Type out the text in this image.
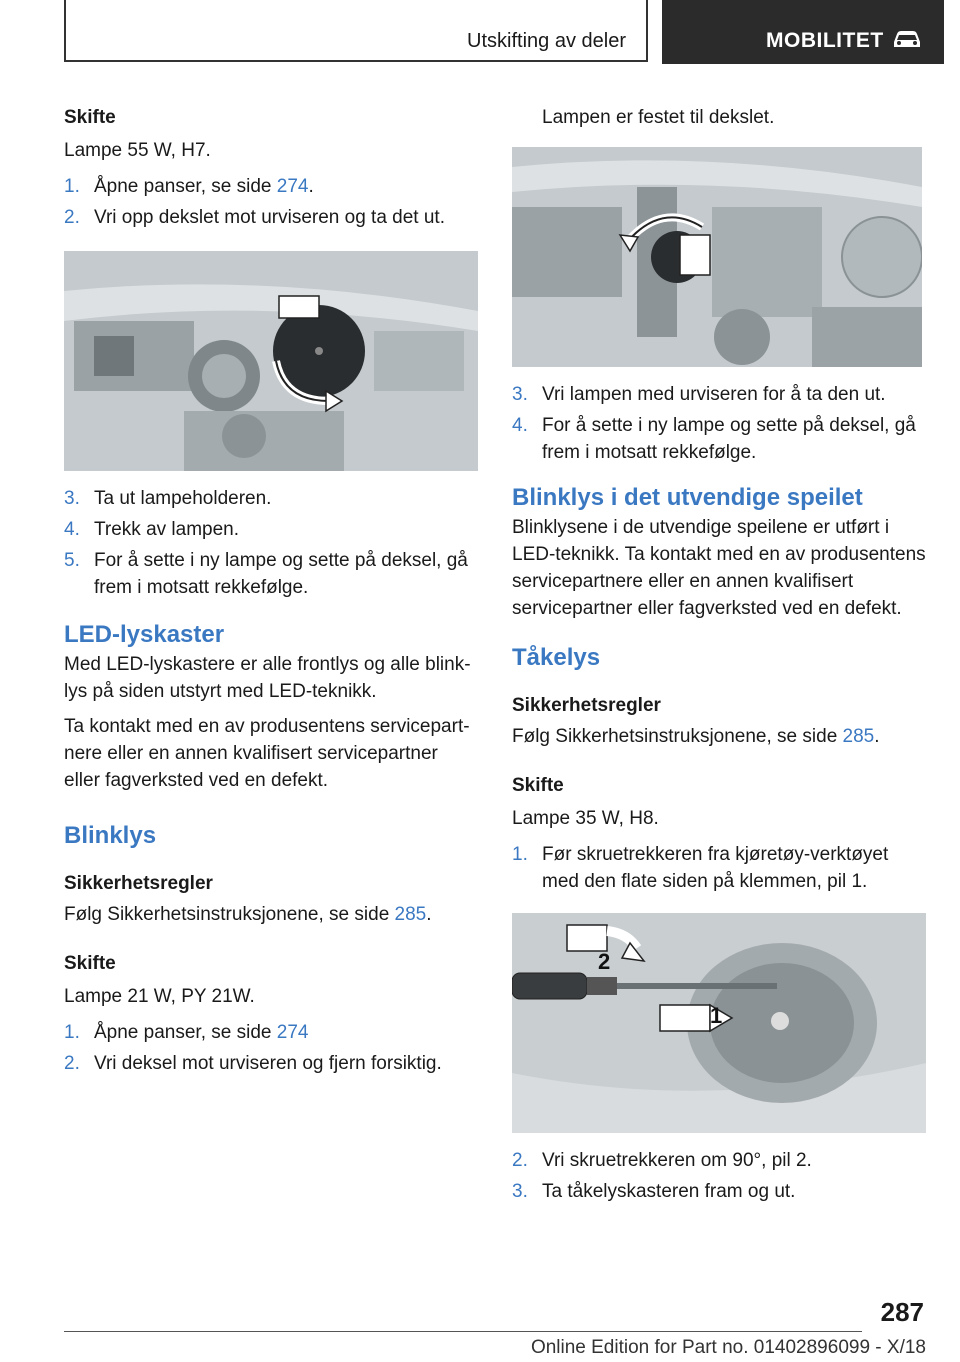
Utskifting av deler	MOBILITET

Skifte

Lampe 55 W, H7.

1. Åpne panser, se side 274.
2. Vri opp dekslet mot urviseren og ta det ut.
3. Ta ut lampeholderen.
4. Trekk av lampen.
5. For å sette i ny lampe og sette på deksel, gå frem i motsatt rekkefølge.

LED-lyskaster

Med LED-lyskastere er alle frontlys og alle blinklys på siden utstyrt med LED-teknikk.

Ta kontakt med en av produsentens servicepartnere eller en annen kvalifisert servicepartner eller fagverksted ved en defekt.

Blinklys

Sikkerhetsregler

Følg Sikkerhetsinstruksjonene, se side 285.

Skifte

Lampe 21 W, PY 21W.

1. Åpne panser, se side 274
2. Vri deksel mot urviseren og fjern forsiktig.

Lampen er festet til dekslet.

3. Vri lampen med urviseren for å ta den ut.
4. For å sette i ny lampe og sette på deksel, gå frem i motsatt rekkefølge.

Blinklys i det utvendige speilet

Blinklysene i de utvendige speilene er utført i LED-teknikk. Ta kontakt med en av produsentens servicepartnere eller en annen kvalifisert servicepartner eller fagverksted ved en defekt.

Tåkelys

Sikkerhetsregler

Følg Sikkerhetsinstruksjonene, se side 285.

Skifte

Lampe 35 W, H8.

1. Før skruetrekkeren fra kjøretøy-verktøyet med den flate siden på klemmen, pil 1.
2
1
2. Vri skruetrekkeren om 90°, pil 2.
3. Ta tåkelyskasteren fram og ut.
287
Online Edition for Part no. 01402896099 - X/18
